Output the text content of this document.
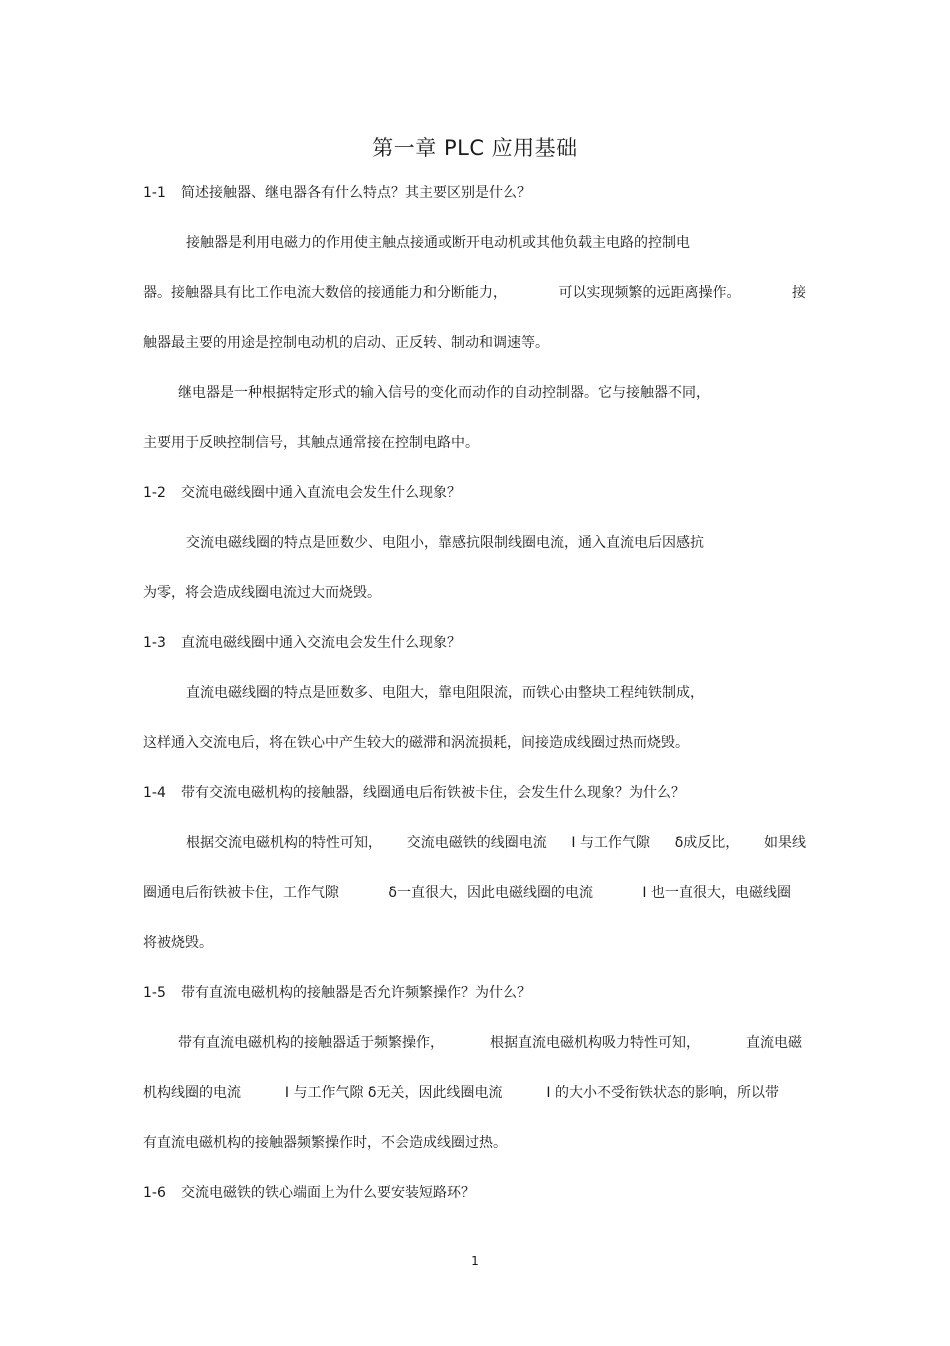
第一章 PLC 应用基础
1-1 简述接触器、继电器各有什么特点？其主要区别是什么？
接触器是利用电磁力的作用使主触点接通或断开电动机或其他负载主电路的控制电
器。接触器具有比工作电流大数倍的接通能力和分断能力，	可以实现频繁的远距离操作。	接
触器最主要的用途是控制电动机的启动、正反转、制动和调速等。
继电器是一种根据特定形式的输入信号的变化而动作的自动控制器。它与接触器不同，
主要用于反映控制信号，其触点通常接在控制电路中。
1-2 交流电磁线圈中通入直流电会发生什么现象？
交流电磁线圈的特点是匝数少、电阻小，靠感抗限制线圈电流，通入直流电后因感抗
为零，将会造成线圈电流过大而烧毁。
1-3 直流电磁线圈中通入交流电会发生什么现象？
直流电磁线圈的特点是匝数多、电阻大，靠电阻限流，而铁心由整块工程纯铁制成，
这样通入交流电后，将在铁心中产生较大的磁滞和涡流损耗，间接造成线圈过热而烧毁。
1-4 带有交流电磁机构的接触器，线圈通电后衔铁被卡住，会发生什么现象？为什么？
根据交流电磁机构的特性可知， 交流电磁铁的线圈电流 I 与工作气隙 δ成反比， 如果线
圈通电后衔铁被卡住，工作气隙	δ一直很大，因此电磁线圈的电流	I 也一直很大，电磁线圈
将被烧毁。
1-5 带有直流电磁机构的接触器是否允许频繁操作？为什么？
带有直流电磁机构的接触器适于频繁操作，	根据直流电磁机构吸力特性可知，	直流电磁
机构线圈的电流	I 与工作气隙 δ无关，因此线圈电流	I 的大小不受衔铁状态的影响，所以带
有直流电磁机构的接触器频繁操作时，不会造成线圈过热。
1-6 交流电磁铁的铁心端面上为什么要安装短路环？
1
